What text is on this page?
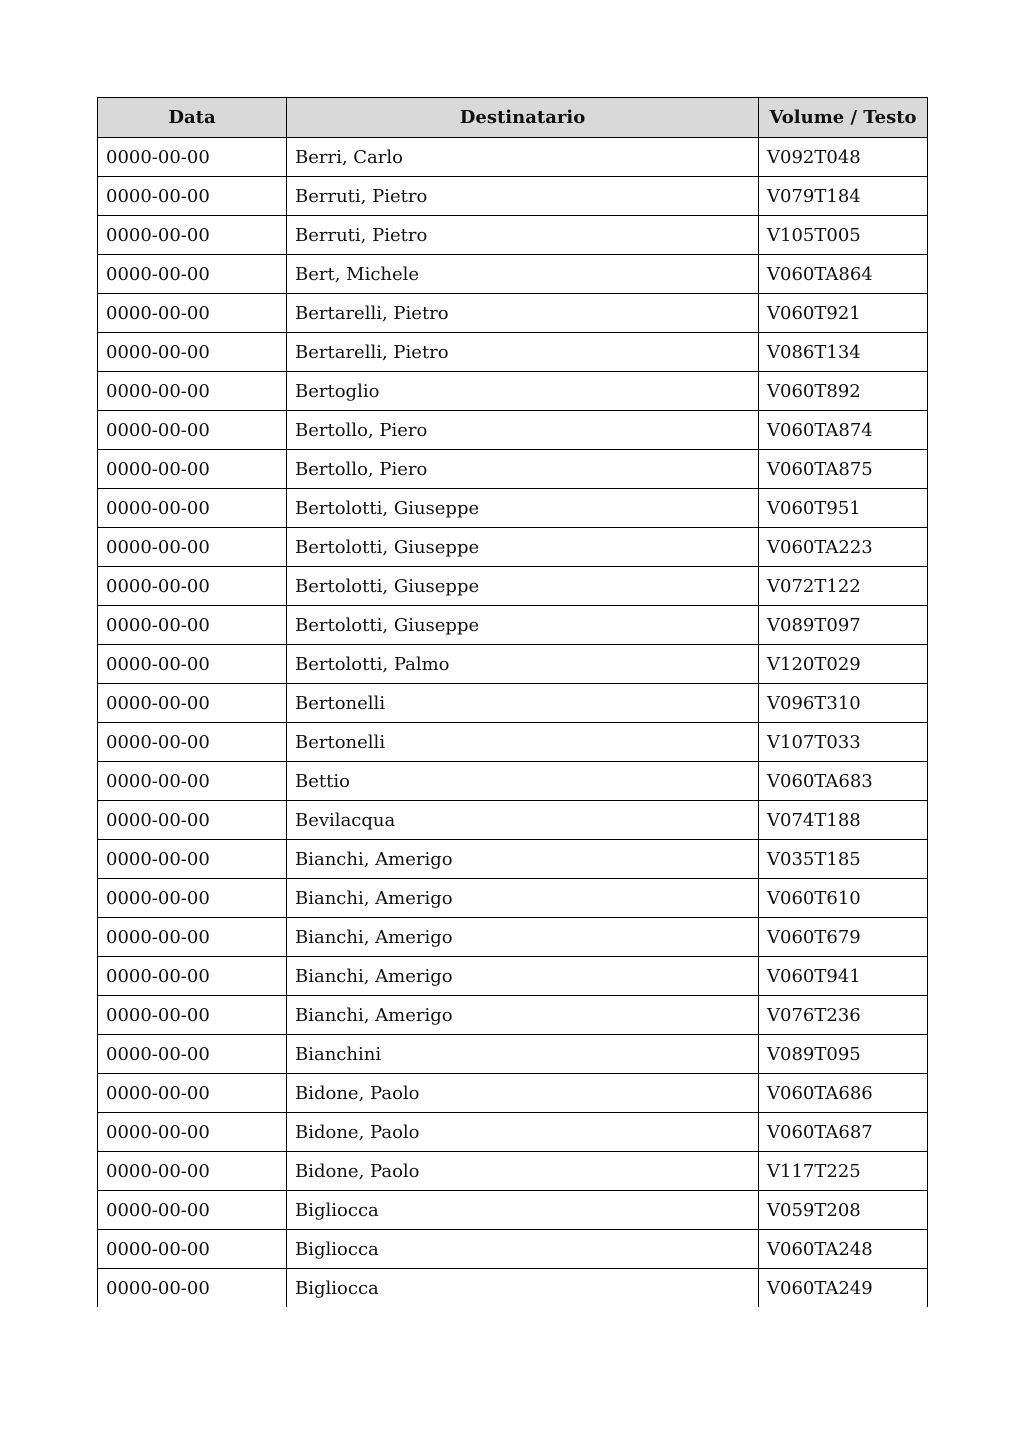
Data	Destinatario	Volume / Testo
0000-00-00	Berri, Carlo	V092T048
0000-00-00	Berruti, Pietro	V079T184
0000-00-00	Berruti, Pietro	V105T005
0000-00-00	Bert, Michele	V060TA864
0000-00-00	Bertarelli, Pietro	V060T921
0000-00-00	Bertarelli, Pietro	V086T134
0000-00-00	Bertoglio	V060T892
0000-00-00	Bertollo, Piero	V060TA874
0000-00-00	Bertollo, Piero	V060TA875
0000-00-00	Bertolotti, Giuseppe	V060T951
0000-00-00	Bertolotti, Giuseppe	V060TA223
0000-00-00	Bertolotti, Giuseppe	V072T122
0000-00-00	Bertolotti, Giuseppe	V089T097
0000-00-00	Bertolotti, Palmo	V120T029
0000-00-00	Bertonelli	V096T310
0000-00-00	Bertonelli	V107T033
0000-00-00	Bettio	V060TA683
0000-00-00	Bevilacqua	V074T188
0000-00-00	Bianchi, Amerigo	V035T185
0000-00-00	Bianchi, Amerigo	V060T610
0000-00-00	Bianchi, Amerigo	V060T679
0000-00-00	Bianchi, Amerigo	V060T941
0000-00-00	Bianchi, Amerigo	V076T236
0000-00-00	Bianchini	V089T095
0000-00-00	Bidone, Paolo	V060TA686
0000-00-00	Bidone, Paolo	V060TA687
0000-00-00	Bidone, Paolo	V117T225
0000-00-00	Bigliocca	V059T208
0000-00-00	Bigliocca	V060TA248
0000-00-00	Bigliocca	V060TA249
